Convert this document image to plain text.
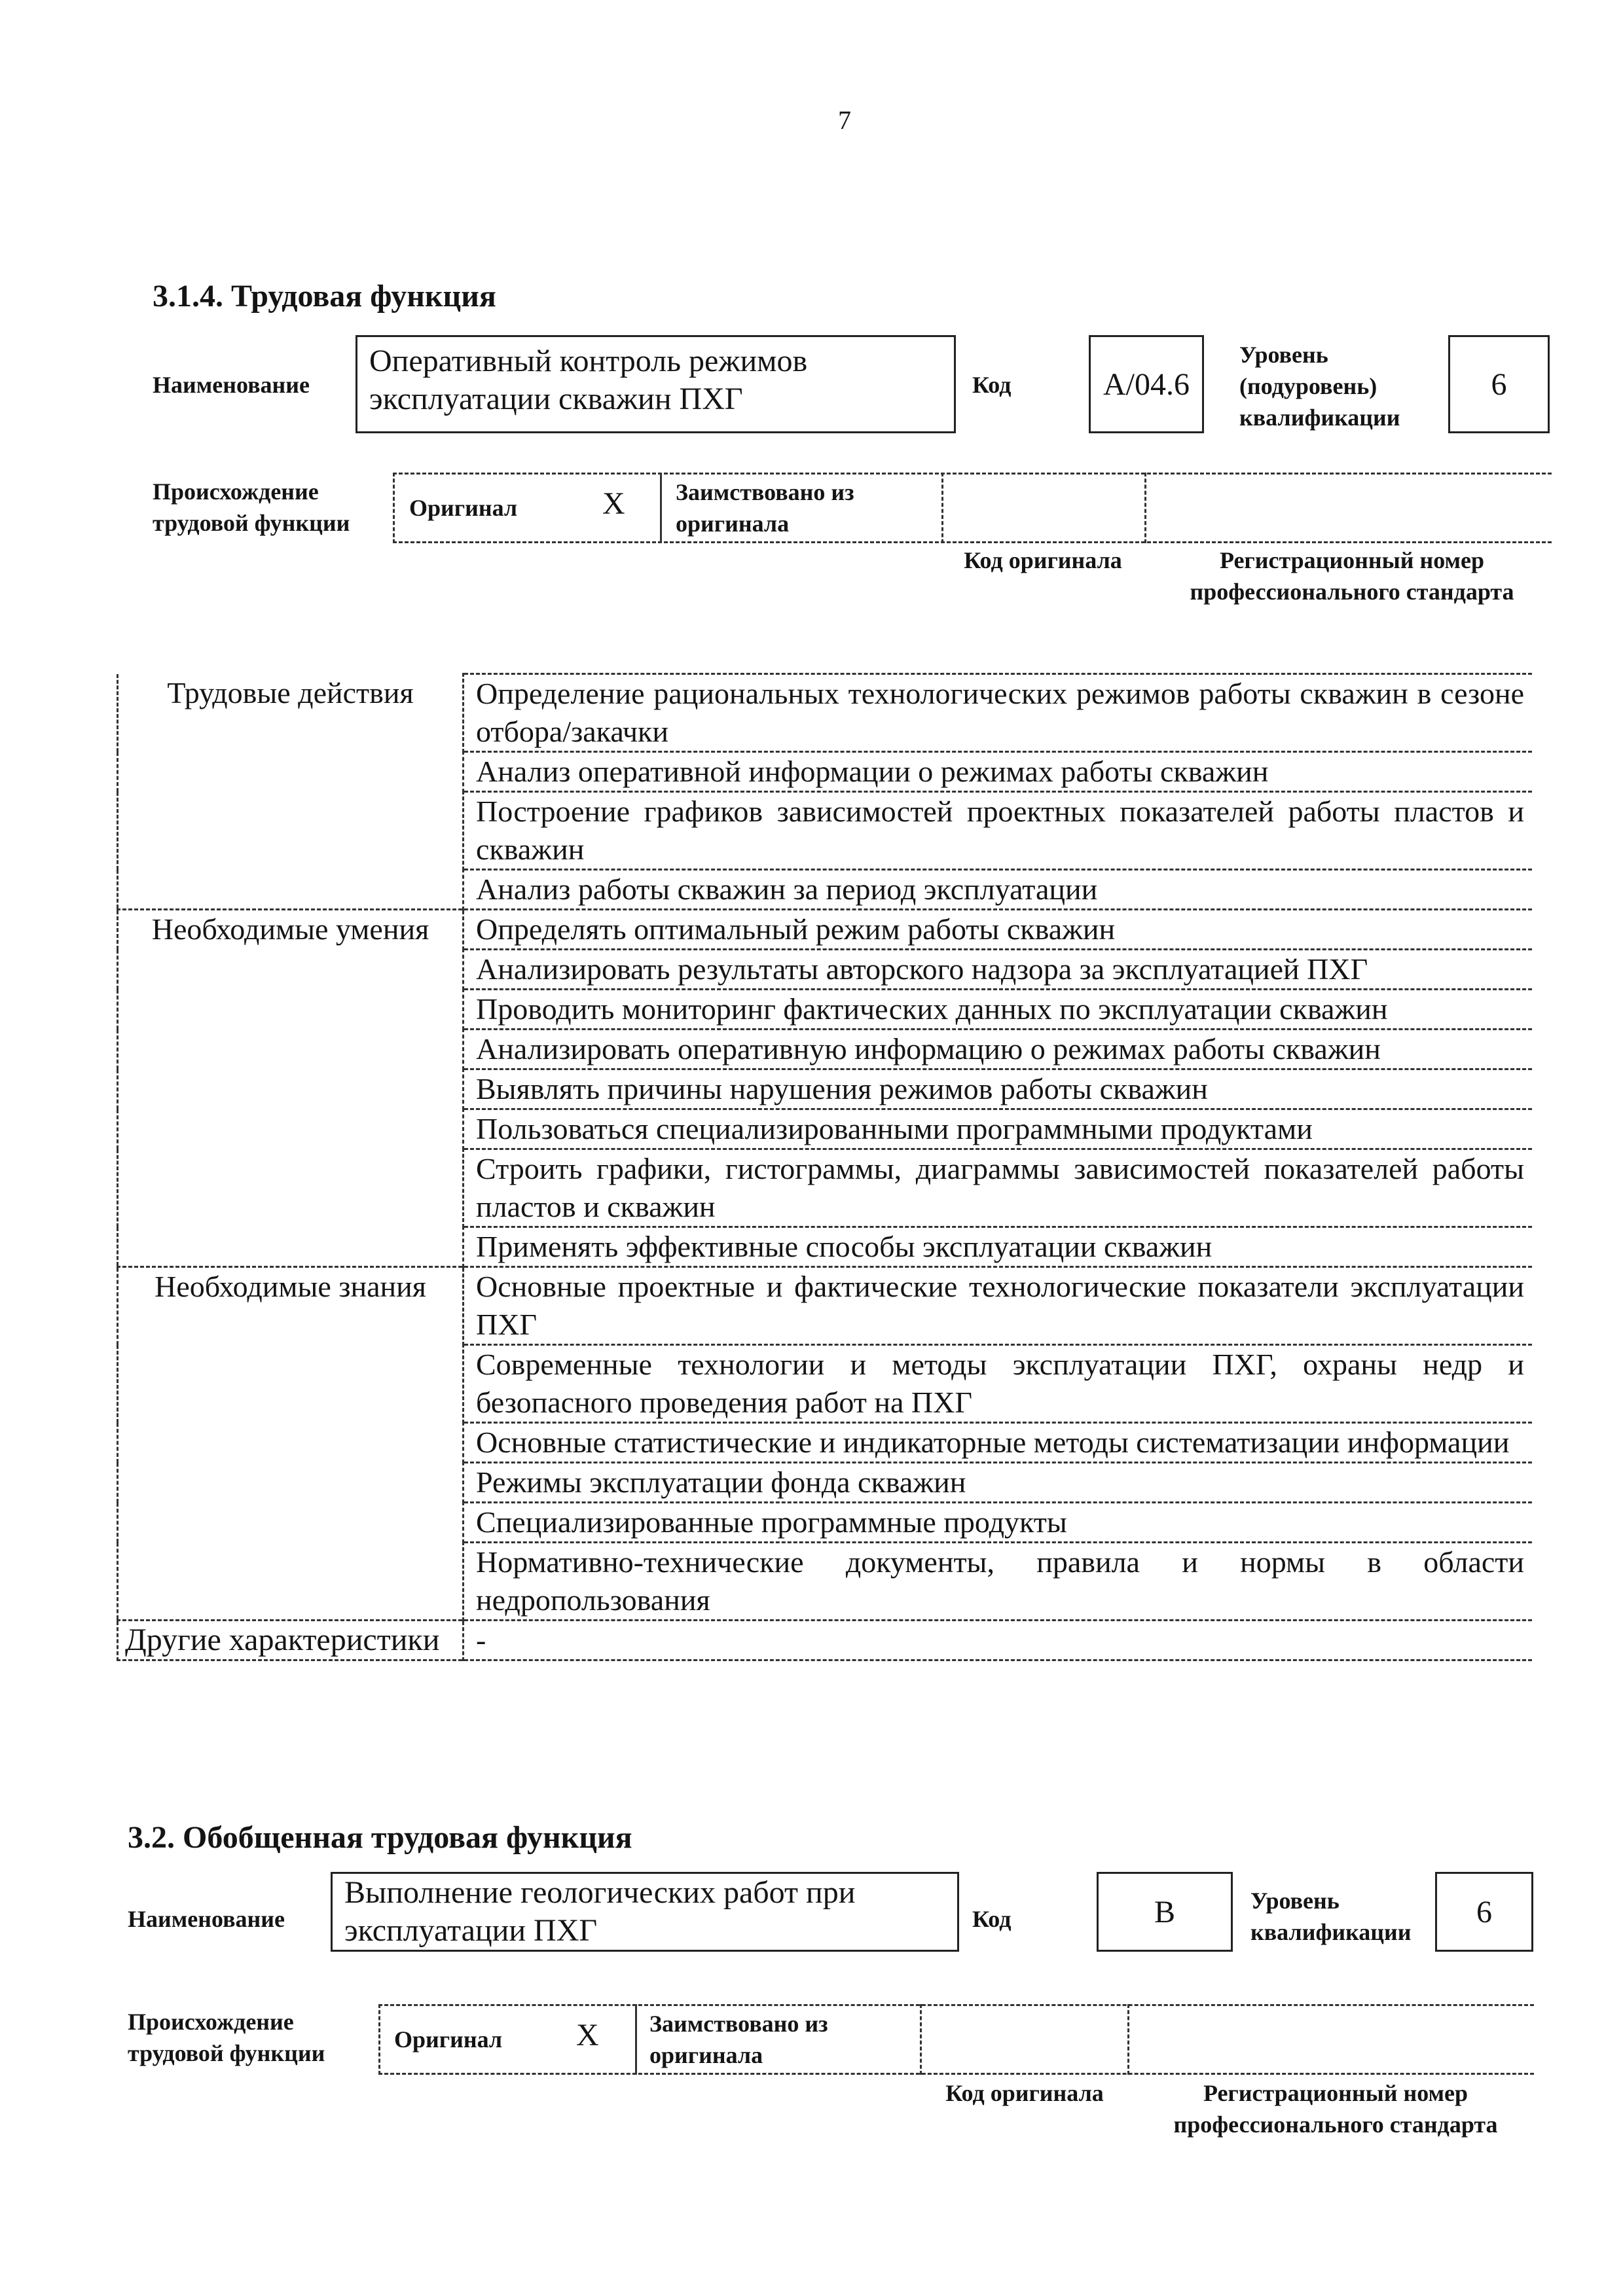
7
3.1.4. Трудовая функция
Наименование
Оперативный контроль режимов эксплуатации скважин ПХГ	Код	A/04.6
Уровень (подуровень) квалификации
6
Происхождение трудовой функции
Оригинал	X Заимствовано из оригинала
Код оригинала	Регистрационный номер профессионального стандарта
Трудовые действия	Определение рациональных технологических режимов работы скважин в сезоне отбора/закачки
	Анализ оперативной информации о режимах работы скважин
	Построение графиков зависимостей проектных показателей работы пластов и скважин
	Анализ работы скважин за период эксплуатации
Необходимые умения	Определять оптимальный режим работы скважин
	Анализировать результаты авторского надзора за эксплуатацией ПХГ
	Проводить мониторинг фактических данных по эксплуатации скважин
	Анализировать оперативную информацию о режимах работы скважин
	Выявлять причины нарушения режимов работы скважин
	Пользоваться специализированными программными продуктами
	Строить графики, гистограммы, диаграммы зависимостей показателей работы пластов и скважин
	Применять эффективные способы эксплуатации скважин
Необходимые знания	Основные проектные и фактические технологические показатели эксплуатации ПХГ
	Современные технологии и методы эксплуатации ПХГ, охраны недр и безопасного проведения работ на ПХГ
	Основные статистические и индикаторные методы систематизации информации
	Режимы эксплуатации фонда скважин
	Специализированные программные продукты
	Нормативно-технические документы, правила и нормы в области недропользования
Другие характеристики	-
3.2. Обобщенная трудовая функция
Наименование
Выполнение геологических работ при эксплуатации ПХГ	Код	B	Уровень квалификации
6
Происхождение трудовой функции
Оригинал X Заимствовано из оригинала
Код оригинала	Регистрационный номер профессионального стандарта
